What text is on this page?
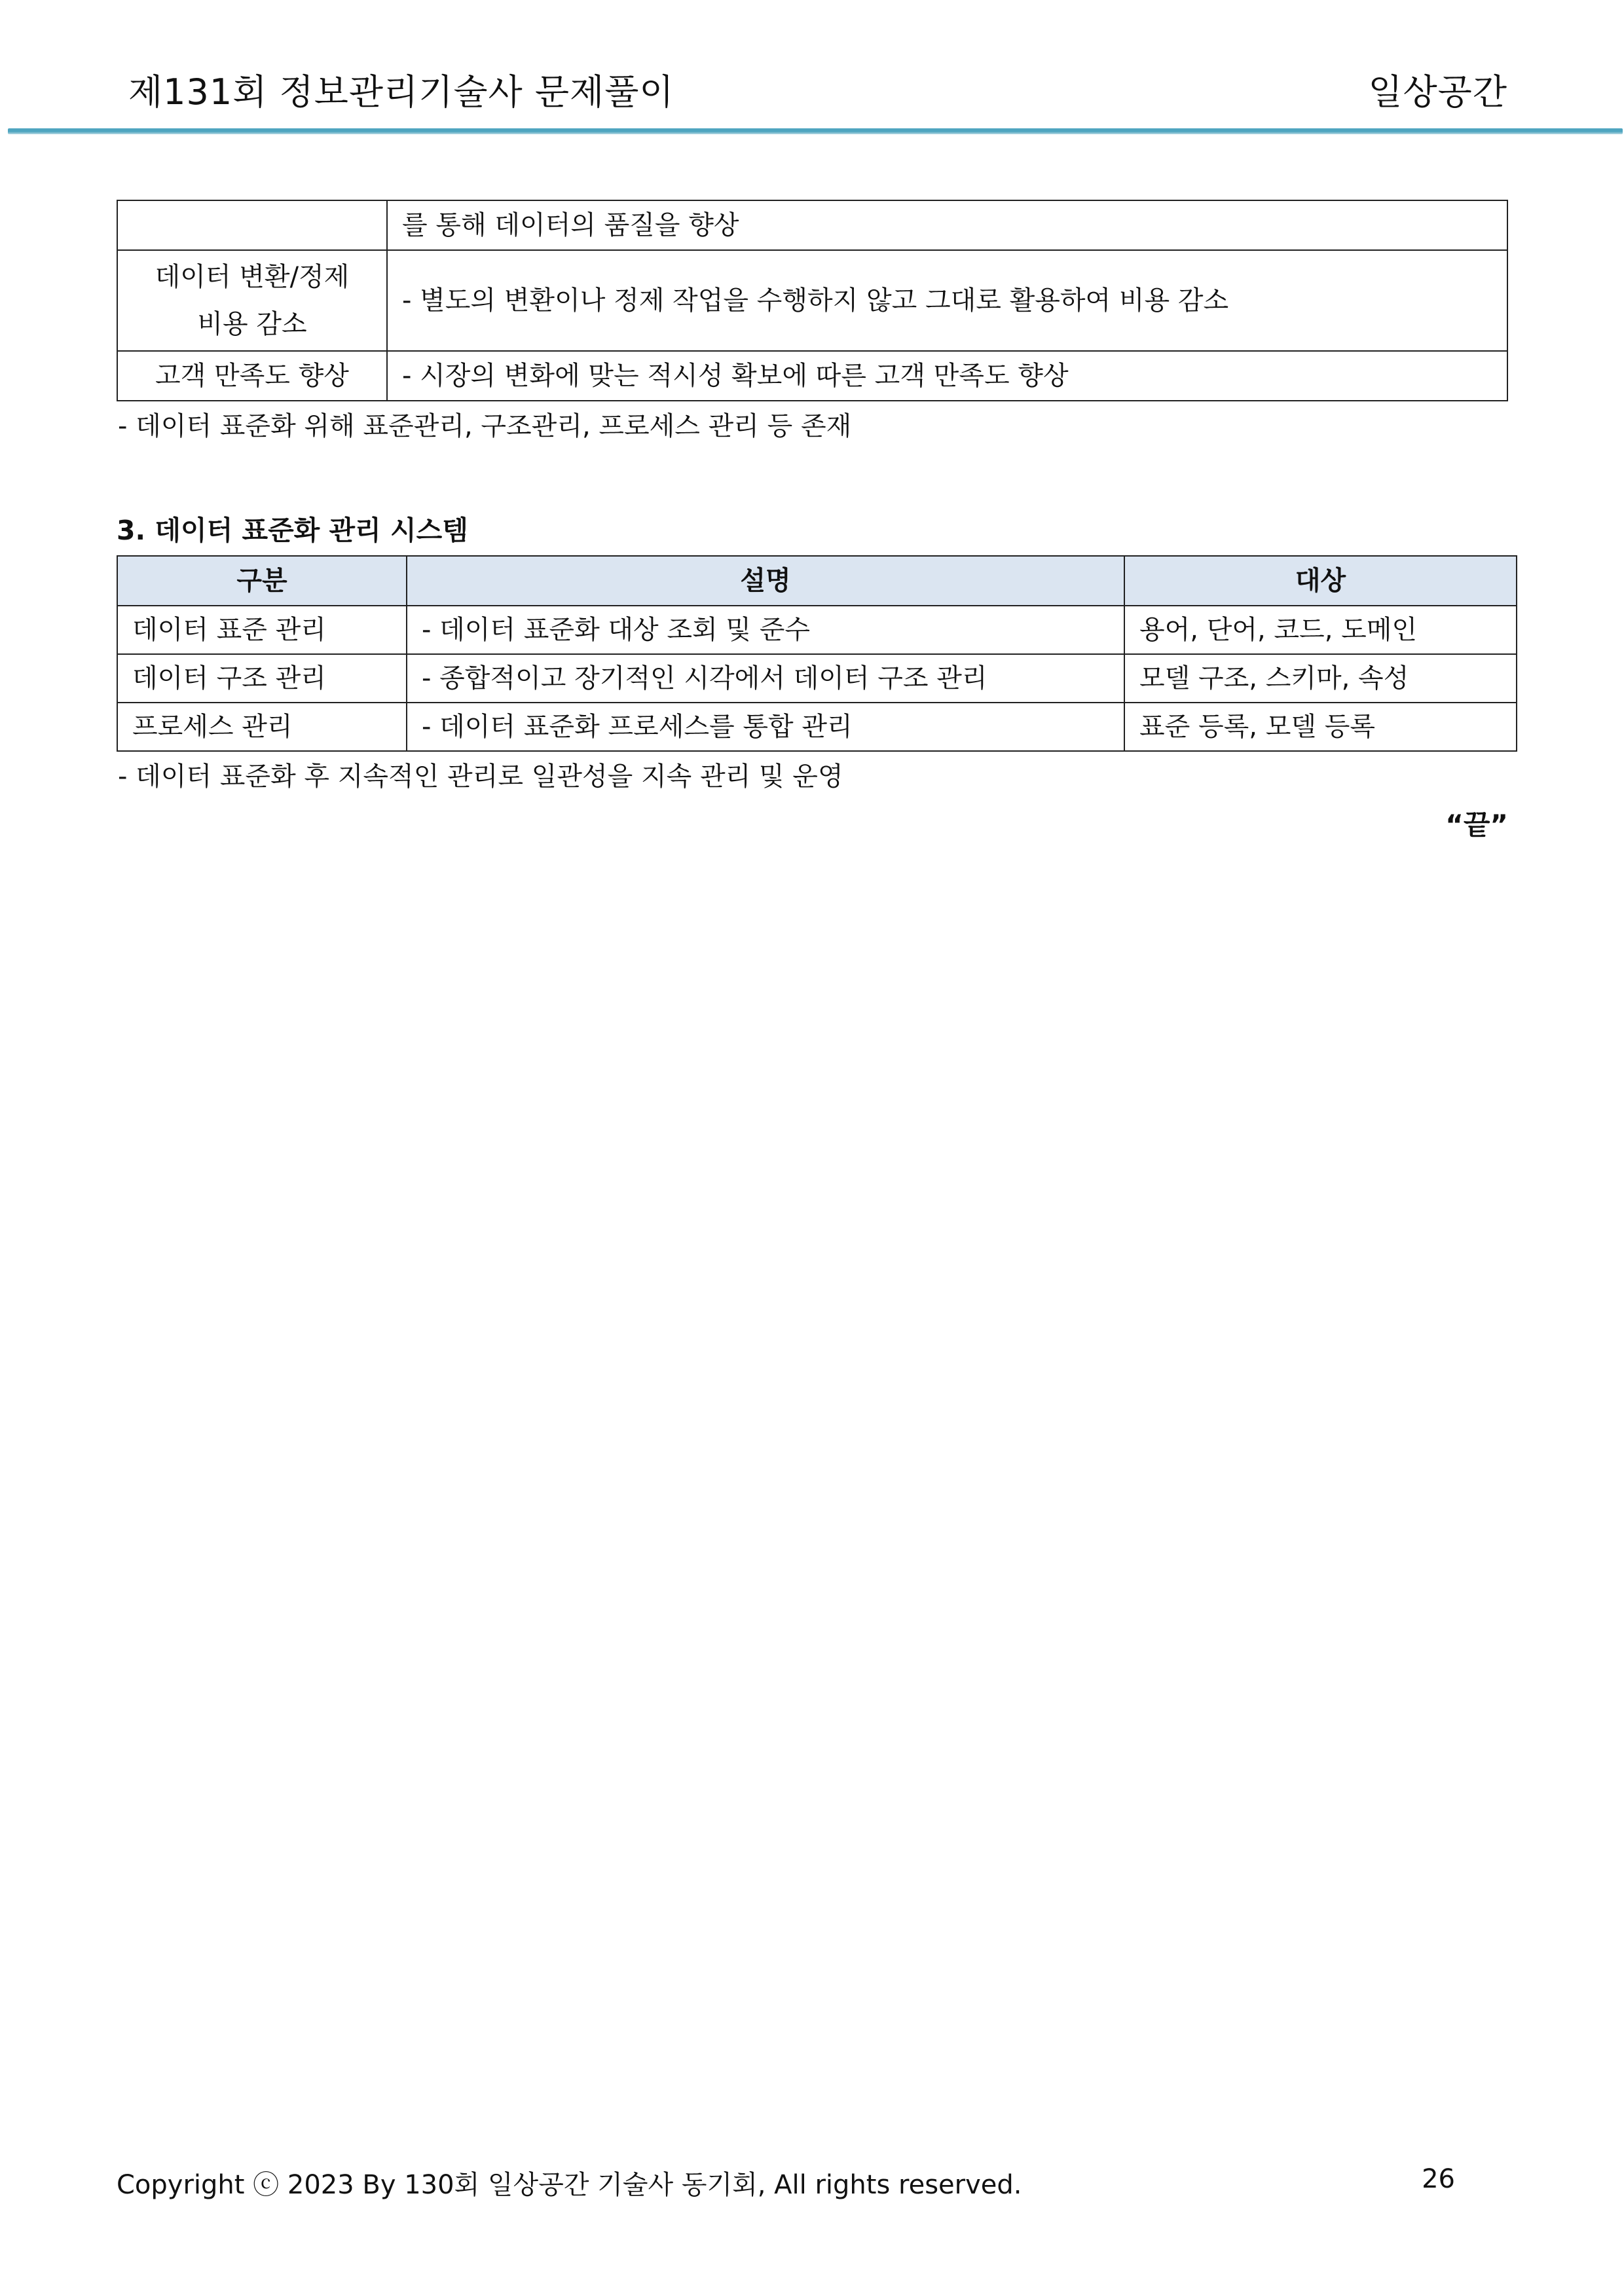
제131회 정보관리기술사 문제풀이	일상공간
	를 통해 데이터의 품질을 향상

데이터 변환/정제
비용 감소	- 별도의 변환이나 정제 작업을 수행하지 않고 그대로 활용하여 비용 감소
고객 만족도 향상	- 시장의 변화에 맞는 적시성 확보에 따른 고객 만족도 향상
- 데이터 표준화 위해 표준관리, 구조관리, 프로세스 관리 등 존재
3. 데이터 표준화 관리 시스템
구분	설명	대상
데이터 표준 관리	- 데이터 표준화 대상 조회 및 준수	용어, 단어, 코드, 도메인
데이터 구조 관리	- 종합적이고 장기적인 시각에서 데이터 구조 관리	모델 구조, 스키마, 속성
프로세스 관리	- 데이터 표준화 프로세스를 통합 관리	표준 등록, 모델 등록
- 데이터 표준화 후 지속적인 관리로 일관성을 지속 관리 및 운영
“끝”
Copyright ⓒ 2023 By 130회 일상공간 기술사 동기회, All rights reserved.	26
